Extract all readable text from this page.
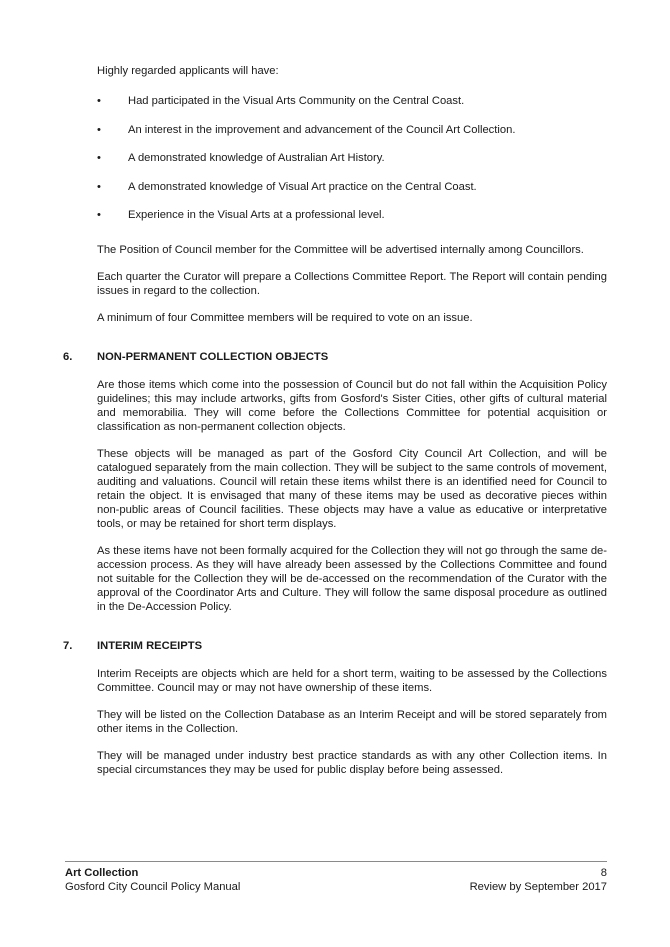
Highly regarded applicants will have:

• Had participated in the Visual Arts Community on the Central Coast.
• An interest in the improvement and advancement of the Council Art Collection.
• A demonstrated knowledge of Australian Art History.
• A demonstrated knowledge of Visual Art practice on the Central Coast.
• Experience in the Visual Arts at a professional level.

The Position of Council member for the Committee will be advertised internally among Councillors.

Each quarter the Curator will prepare a Collections Committee Report. The Report will contain pending issues in regard to the collection.

A minimum of four Committee members will be required to vote on an issue.

6. NON-PERMANENT COLLECTION OBJECTS

Are those items which come into the possession of Council but do not fall within the Acquisition Policy guidelines; this may include artworks, gifts from Gosford's Sister Cities, other gifts of cultural material and memorabilia. They will come before the Collections Committee for potential acquisition or classification as non-permanent collection objects.

These objects will be managed as part of the Gosford City Council Art Collection, and will be catalogued separately from the main collection. They will be subject to the same controls of movement, auditing and valuations. Council will retain these items whilst there is an identified need for Council to retain the object. It is envisaged that many of these items may be used as decorative pieces within non-public areas of Council facilities. These objects may have a value as educative or interpretative tools, or may be retained for short term displays.

As these items have not been formally acquired for the Collection they will not go through the same de-accession process. As they will have already been assessed by the Collections Committee and found not suitable for the Collection they will be de-accessed on the recommendation of the Curator with the approval of the Coordinator Arts and Culture. They will follow the same disposal procedure as outlined in the De-Accession Policy.

7. INTERIM RECEIPTS

Interim Receipts are objects which are held for a short term, waiting to be assessed by the Collections Committee. Council may or may not have ownership of these items.

They will be listed on the Collection Database as an Interim Receipt and will be stored separately from other items in the Collection.

They will be managed under industry best practice standards as with any other Collection items. In special circumstances they may be used for public display before being assessed.

Art Collection	8
Gosford City Council Policy Manual	Review by September 2017
